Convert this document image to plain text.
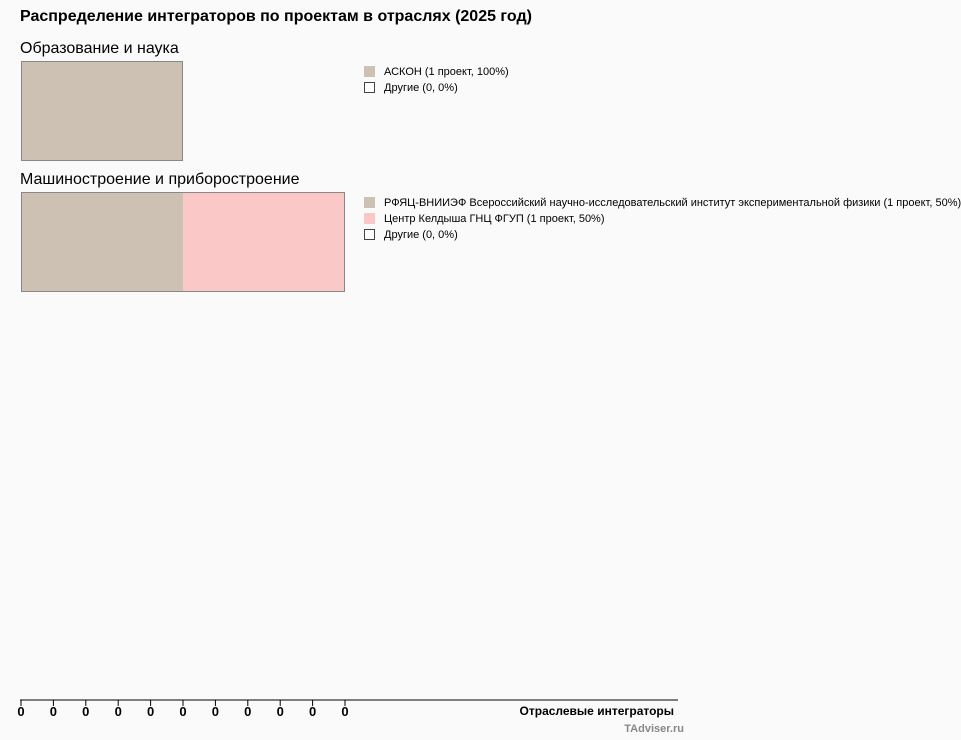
Распределение интеграторов по проектам в отраслях (2025 год)
Образование и наука
Машиностроение и приборостроение
0 0 0 0 0 0 0 0 0 0 0
АСКОН (1 проект, 100%)
Другие (0, 0%)
РФЯЦ-ВНИИЭФ Всероссийский научно-исследовательский институт экспериментальной физики (1 проект, 50%)
Центр Келдыша ГНЦ ФГУП (1 проект, 50%)
Другие (0, 0%)
Отраслевые интеграторы
TAdviser.ru
